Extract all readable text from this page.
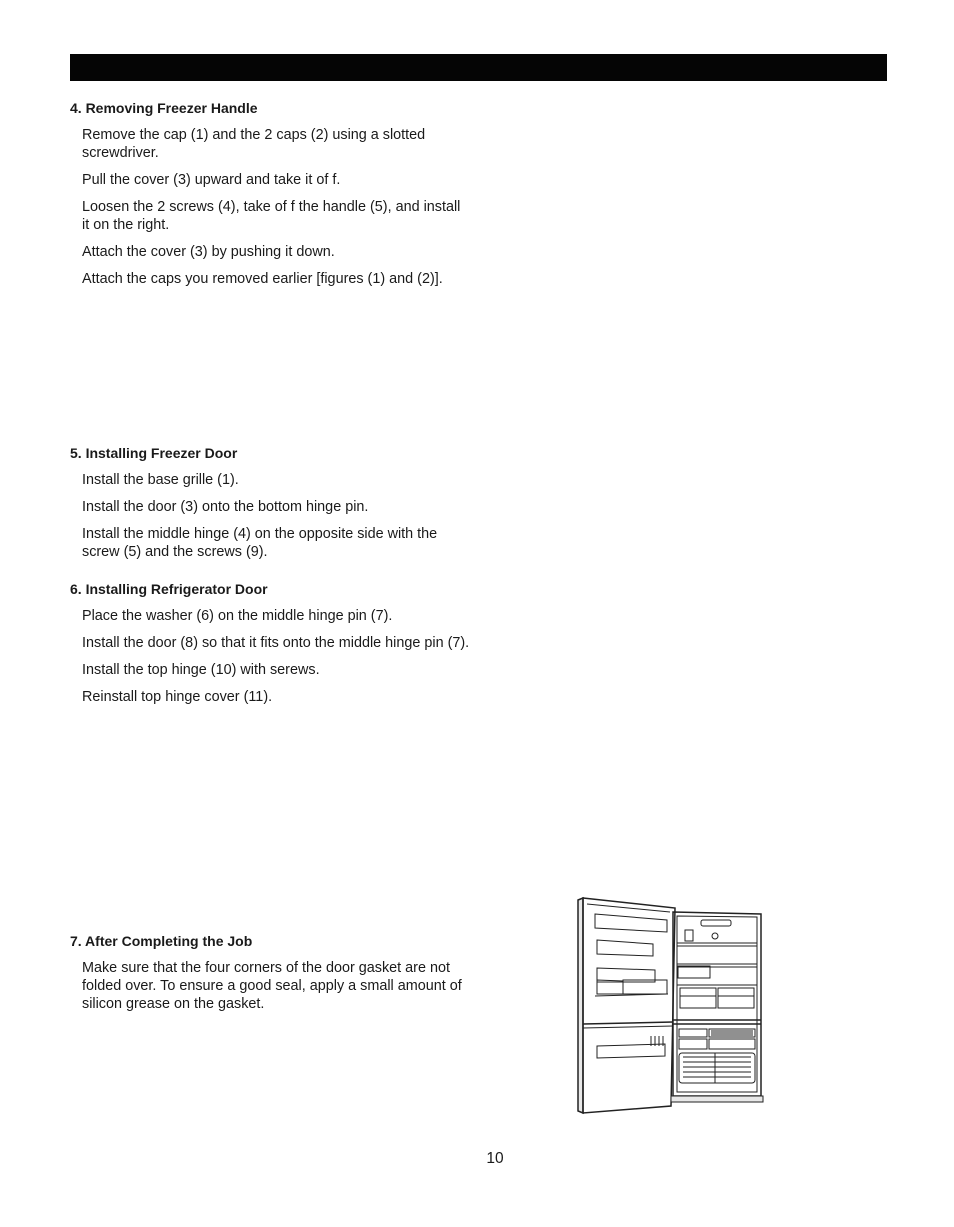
4. Removing Freezer Handle

Remove the cap (1) and the 2 caps (2) using a slotted screwdriver.

Pull the cover (3) upward and take it of f.

Loosen the 2 screws (4), take of f the handle (5), and install it on the right.

Attach the cover (3) by pushing it down.

Attach the caps you removed earlier [figures (1) and (2)].

5. Installing Freezer Door

Install the base grille (1).

Install the door (3) onto the bottom hinge pin.

Install the middle hinge (4) on the opposite side with the screw (5) and the screws (9).

6. Installing Refrigerator Door

Place the washer (6) on the middle hinge pin (7).

Install the door (8) so that it fits onto the middle hinge pin (7).

Install the top hinge (10) with serews.

Reinstall top hinge cover (11).

7. After Completing the Job

Make sure that the four corners of the door gasket are not folded over. To ensure a good seal, apply a small amount of silicon grease on the gasket.

10
